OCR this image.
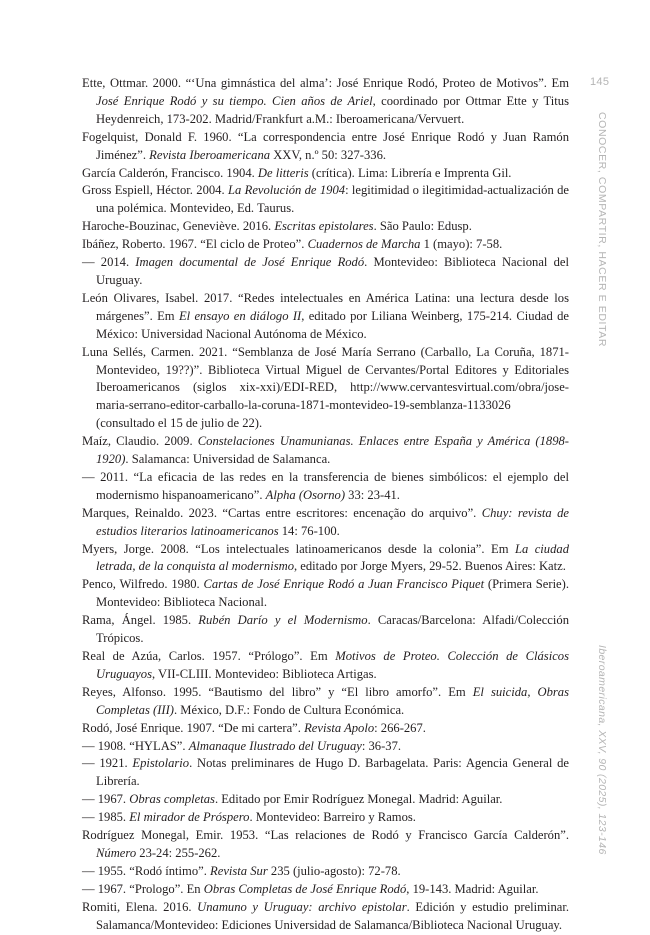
Ette, Ottmar. 2000. “‘Una gimnástica del alma’: José Enrique Rodó, Proteo de Motivos”. Em José Enrique Rodó y su tiempo. Cien años de Ariel, coordinado por Ottmar Ette y Titus Heydenreich, 173-202. Madrid/Frankfurt a.M.: Iberoamericana/Vervuert.

Fogelquist, Donald F. 1960. “La correspondencia entre José Enrique Rodó y Juan Ramón Jiménez”. Revista Iberoamericana XXV, n.º 50: 327-336.

García Calderón, Francisco. 1904. De litteris (crítica). Lima: Librería e Imprenta Gil.

Gross Espiell, Héctor. 2004. La Revolución de 1904: legitimidad o ilegitimidad-actualización de una polémica. Montevideo, Ed. Taurus.

Haroche-Bouzinac, Geneviève. 2016. Escritas epistolares. São Paulo: Edusp.

Ibáñez, Roberto. 1967. “El ciclo de Proteo”. Cuadernos de Marcha 1 (mayo): 7-58.

— 2014. Imagen documental de José Enrique Rodó. Montevideo: Biblioteca Nacional del Uruguay.

León Olivares, Isabel. 2017. “Redes intelectuales en América Latina: una lectura desde los márgenes”. Em El ensayo en diálogo II, editado por Liliana Weinberg, 175-214. Ciudad de México: Universidad Nacional Autónoma de México.

Luna Sellés, Carmen. 2021. “Semblanza de José María Serrano (Carballo, La Coruña, 1871-Montevideo, 19??)”. Biblioteca Virtual Miguel de Cervantes/Portal Editores y Editoriales Iberoamericanos (siglos xix-xxi)/EDI-RED, http://www.cervantesvirtual.com/obra/jose-maria-serrano-editor-carballo-la-coruna-1871-montevideo-19-semblanza-1133026 (consultado el 15 de julio de 22).

Maíz, Claudio. 2009. Constelaciones Unamunianas. Enlaces entre España y América (1898-1920). Salamanca: Universidad de Salamanca.

— 2011. “La eficacia de las redes en la transferencia de bienes simbólicos: el ejemplo del modernismo hispanoamericano”. Alpha (Osorno) 33: 23-41.

Marques, Reinaldo. 2023. “Cartas entre escritores: encenação do arquivo”. Chuy: revista de estudios literarios latinoamericanos 14: 76-100.

Myers, Jorge. 2008. “Los intelectuales latinoamericanos desde la colonia”. Em La ciudad letrada, de la conquista al modernismo, editado por Jorge Myers, 29-52. Buenos Aires: Katz.

Penco, Wilfredo. 1980. Cartas de José Enrique Rodó a Juan Francisco Piquet (Primera Serie). Montevideo: Biblioteca Nacional.

Rama, Ángel. 1985. Rubén Darío y el Modernismo. Caracas/Barcelona: Alfadi/Colección Trópicos.

Real de Azúa, Carlos. 1957. “Prólogo”. Em Motivos de Proteo. Colección de Clásicos Uruguayos, VII-CLIII. Montevideo: Biblioteca Artigas.

Reyes, Alfonso. 1995. “Bautismo del libro” y “El libro amorfo”. Em El suicida, Obras Completas (III). México, D.F.: Fondo de Cultura Económica.

Rodó, José Enrique. 1907. “De mi cartera”. Revista Apolo: 266-267.

— 1908. “HYLAS”. Almanaque Ilustrado del Uruguay: 36-37.

— 1921. Epistolario. Notas preliminares de Hugo D. Barbagelata. Paris: Agencia General de Librería.

— 1967. Obras completas. Editado por Emir Rodríguez Monegal. Madrid: Aguilar.

— 1985. El mirador de Próspero. Montevideo: Barreiro y Ramos.

Rodríguez Monegal, Emir. 1953. “Las relaciones de Rodó y Francisco García Calderón”. Número 23-24: 255-262.

— 1955. “Rodó íntimo”. Revista Sur 235 (julio-agosto): 72-78.

— 1967. “Prologo”. En Obras Completas de José Enrique Rodó, 19-143. Madrid: Aguilar.

Romiti, Elena. 2016. Unamuno y Uruguay: archivo epistolar. Edición y estudio preliminar. Salamanca/Montevideo: Ediciones Universidad de Salamanca/Biblioteca Nacional Uruguay.

145
CONOCER, COMPARTIR, HACER E EDITAR
Iberoamericana, XXV, 90 (2025), 123-146
